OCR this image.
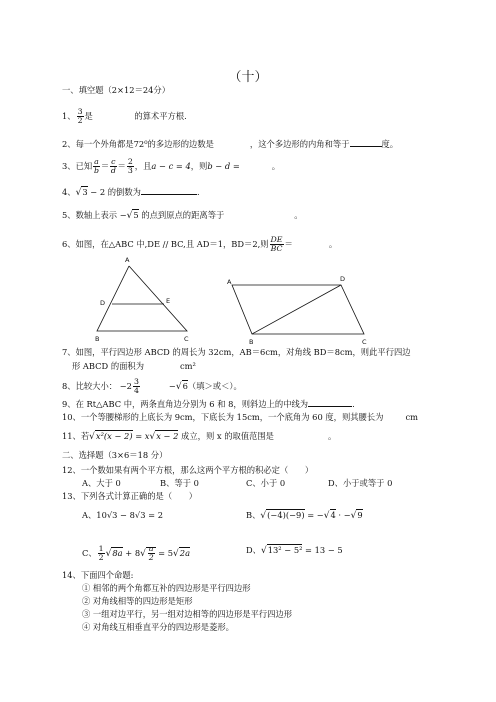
（十）
一、填空题（2×12＝24分）
1、 $\frac{3}{2}$ 是　　　　　的算术平方根.
2、每一个外角都是72⁰的多边形的边数是	，这个多边形的内角和等于	度。
3、已知 $\frac{a}{b} = \frac{c}{d} = \frac{2}{3}$ ，且a − c = 4，则b − d =	。
4、√3 − 2 的倒数为	.
5、数轴上表示 −√5 的点到原点的距离等于	。
6、如图，在△ABC 中,DE // BC,且 AD＝1，BD＝2,则 $\frac{DE}{BC}$ ＝	。
A
D	E
B	C
A	D
B	C
7、如图，平行四边形 ABCD 的周长为 32cm，AB＝6cm，对角线 BD＝8cm，则此平行四边
形 ABCD 的面积为	cm²
8、比较大小： $-2 \frac{3}{4}$	−√6（填＞或＜）。
9、在 Rt△ABC 中，两条直角边分别为 6 和 8，则斜边上的中线为	.
10、一个等腰梯形的上底长为 9cm，下底长为 15cm，一个底角为 60 度，则其腰长为	cm
11、若√x²(x − 2) = x√x − 2 成立，则 x 的取值范围是	。
二、选择题（3×6＝18 分）
12、一个数如果有两个平方根，那么这两个平方根的积必定（　　）
A、大于 0	B、等于 0	C、小于 0	D、小于或等于 0
13、下列各式计算正确的是（　　）
A、10√3 − 8√3 = 2	B、√(−4)(−9) = −√4 · −√9
C、 $\frac{1}{2} √8a + 8√ \frac{a}{2} = 5√2a$	D、√13² − 5² = 13 − 5
14、下面四个命题:
① 相邻的两个角都互补的四边形是平行四边形
② 对角线相等的四边形是矩形
③ 一组对边平行，另一组对边相等的四边形是平行四边形
④ 对角线互相垂直平分的四边形是菱形。
